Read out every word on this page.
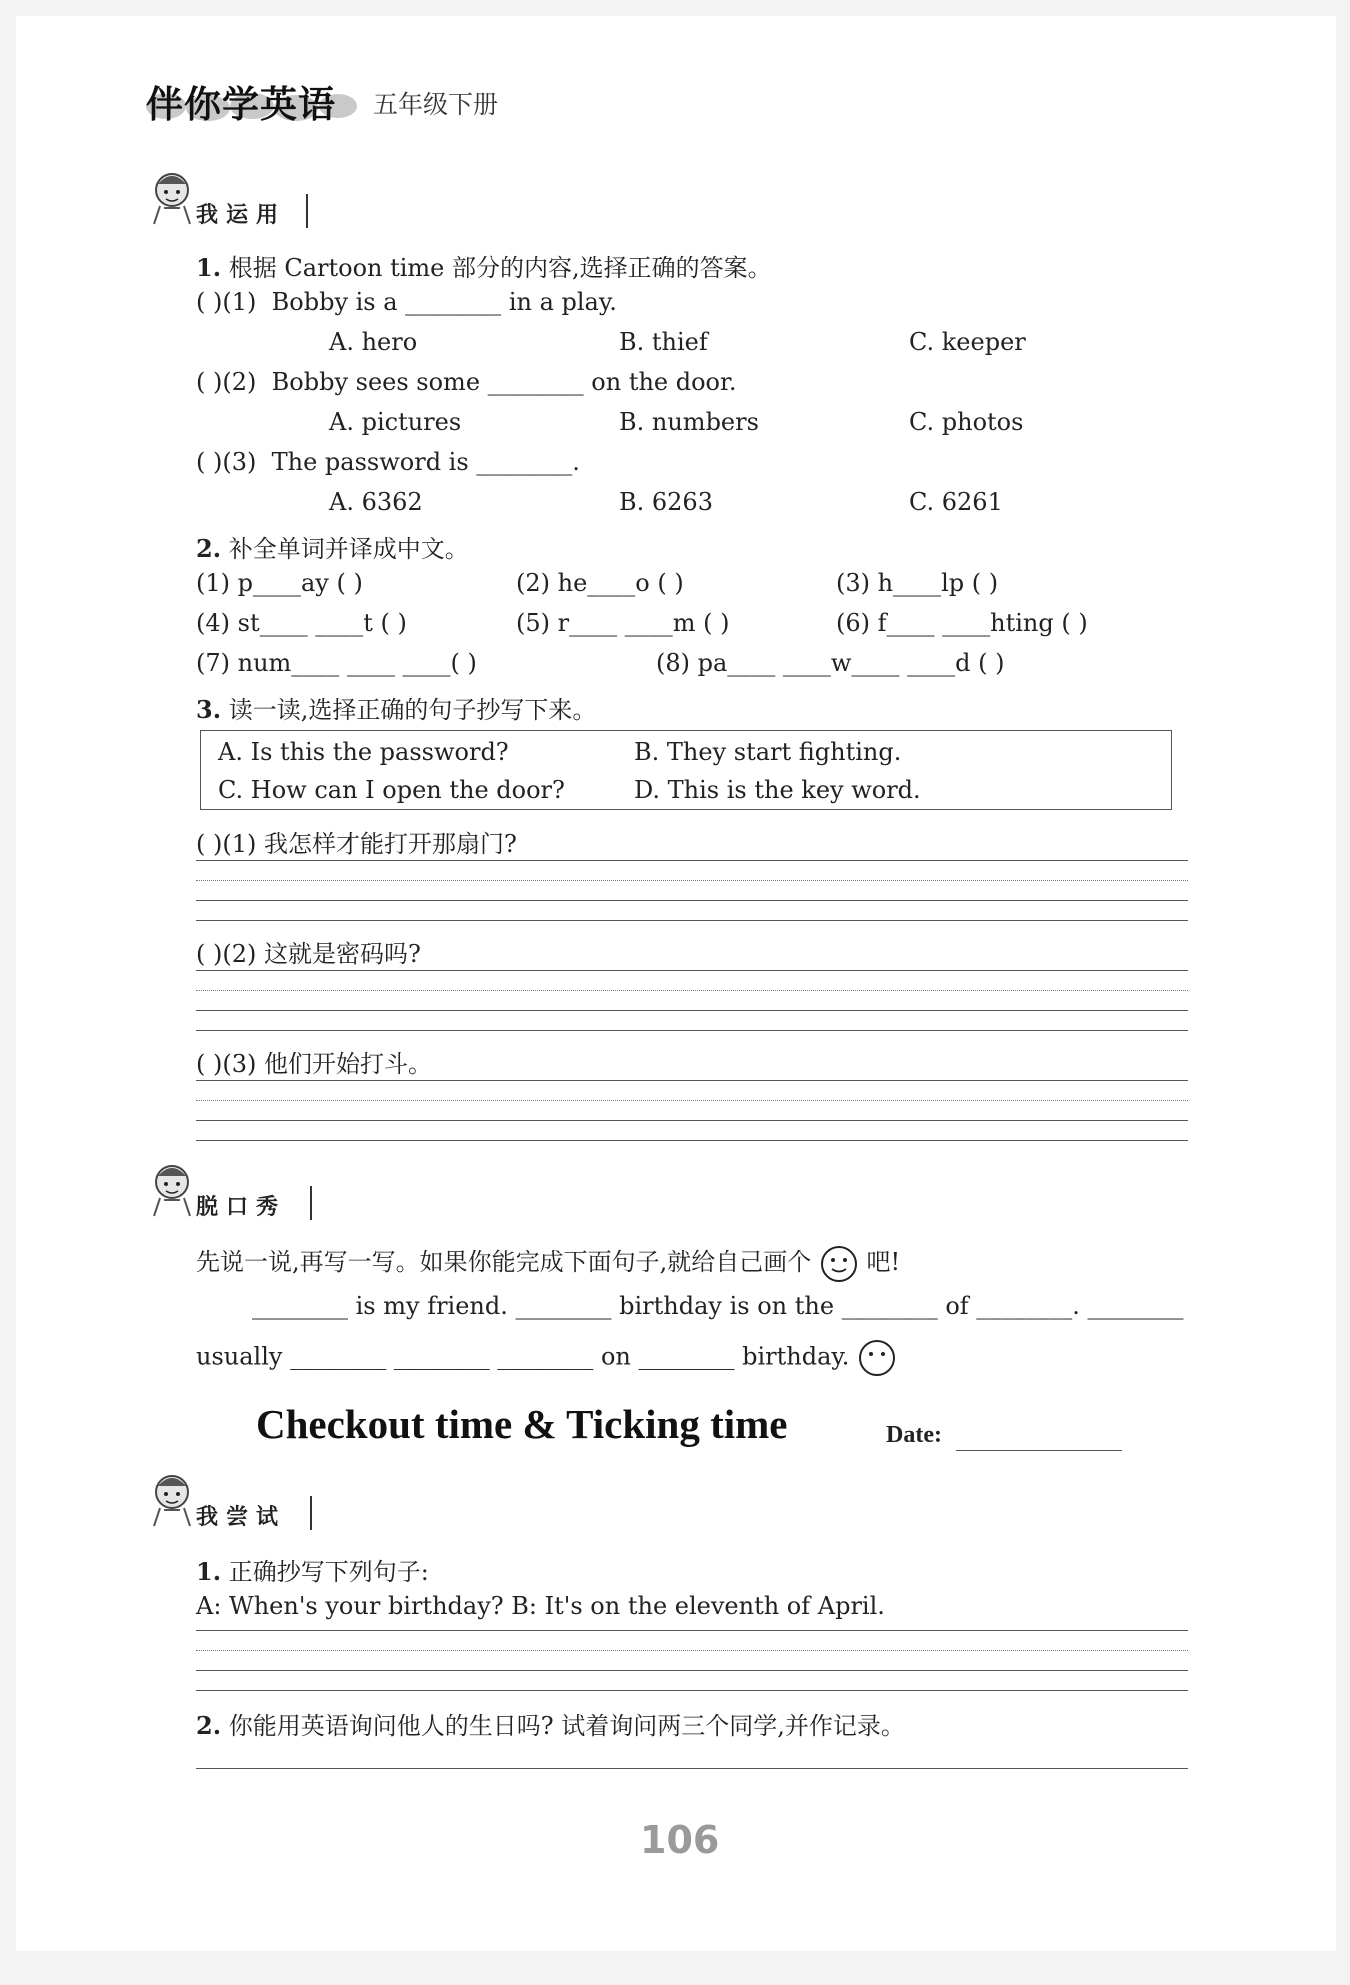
伴你学英语 五年级下册
我运用
1. 根据 Cartoon time 部分的内容,选择正确的答案。
( )(1) Bobby is a ________ in a play.
A. hero	B. thief	C. keeper
( )(2) Bobby sees some ________ on the door.
A. pictures	B. numbers	C. photos
( )(3) The password is ________.
A. 6362	B. 6263	C. 6261
2. 补全单词并译成中文。
(1) p____ay ( )	(2) he____o ( )	(3) h____lp ( )
(4) st____ ____t ( )	(5) r____ ____m ( )	(6) f____ ____hting ( )
(7) num____ ____ ____( )	(8) pa____ ____w____ ____d ( )
3. 读一读,选择正确的句子抄写下来。
A. Is this the password?	B. They start fighting.
C. How can I open the door?	D. This is the key word.
( )(1) 我怎样才能打开那扇门?
( )(2) 这就是密码吗?
( )(3) 他们开始打斗。
脱口秀
先说一说,再写一写。如果你能完成下面句子,就给自己画个 吧!
________ is my friend. ________ birthday is on the ________ of ________. ________
usually ________ ________ ________ on ________ birthday.
Checkout time & Ticking time	Date:
我尝试
1. 正确抄写下列句子:
A: When's your birthday? B: It's on the eleventh of April.
2. 你能用英语询问他人的生日吗? 试着询问两三个同学,并作记录。
106
